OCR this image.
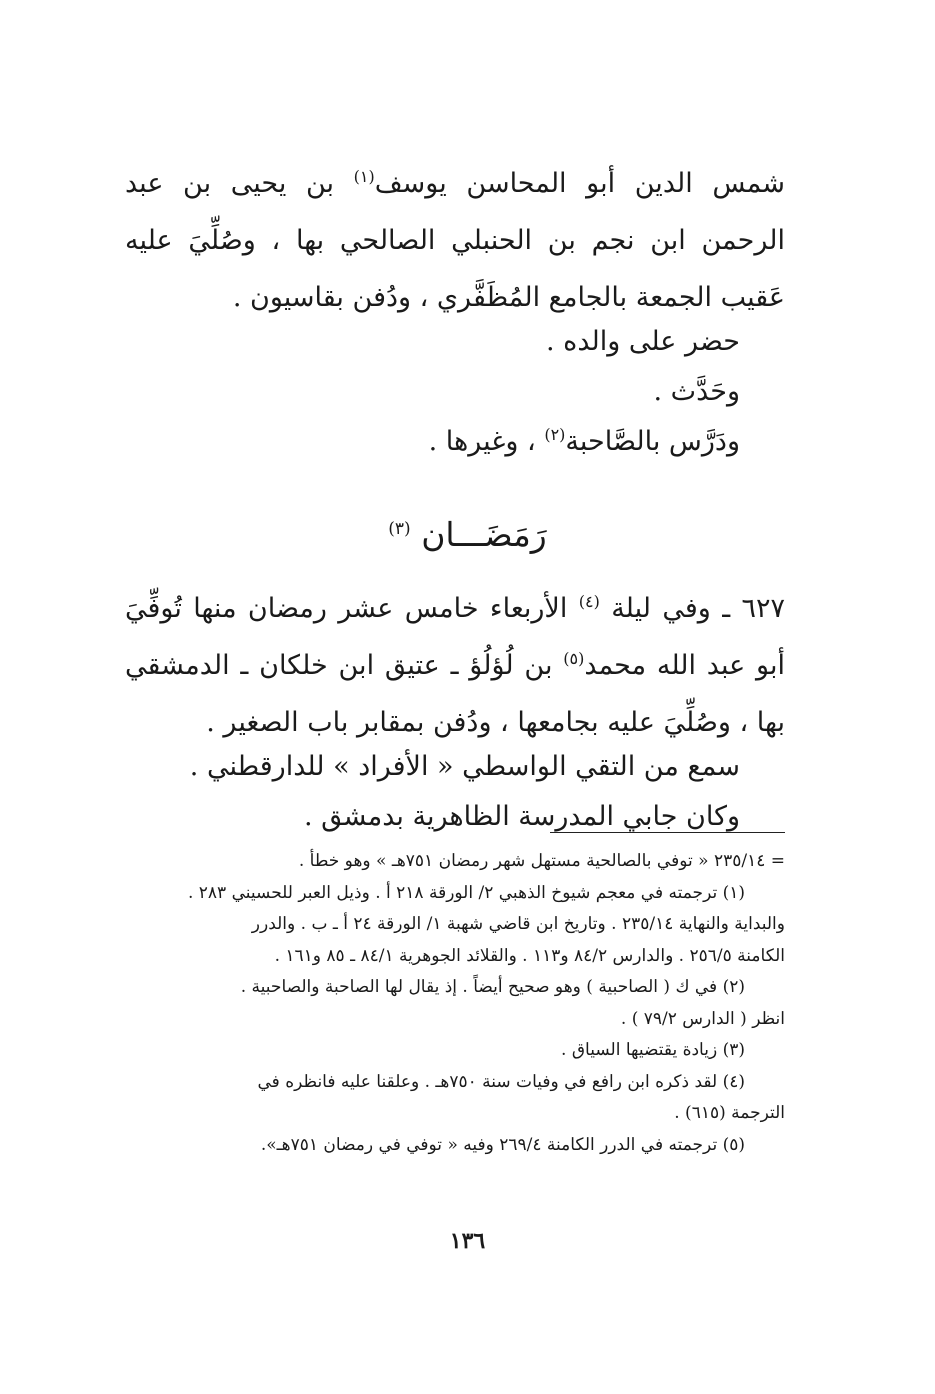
شمس الدين أبو المحاسن يوسف$^{(١)}$ بن يحيى بن عبد الرحمن ابن نجم بن الحنبلي الصالحي بها ، وصُلِّيَ عليه عَقيب الجمعة بالجامع المُظَفَّري ، ودُفن بقاسيون .

حضر على والده .

وحَدَّث .

ودَرَّس بالصَّاحبة$^{(٢)}$ ، وغيرها .

رَمَضَـــان $^{(٣)}$

٦٢٧ ـ وفي ليلة $^{(٤)}$ الأربعاء خامس عشر رمضان منها تُوفِّيَ أبو عبد الله محمد$^{(٥)}$ بن لُؤلُؤ ـ عتيق ابن خلكان ـ الدمشقي بها ، وصُلِّيَ عليه بجامعها ، ودُفن بمقابر باب الصغير .

سمع من التقي الواسطي « الأفراد » للدارقطني .

وكان جابي المدرسة الظاهرية بدمشق .

= ٢٣٥/١٤ « توفي بالصالحية مستهل شهر رمضان ٧٥١هـ » وهو خطأ .

(١) ترجمته في معجم شيوخ الذهبي ٢/ الورقة ٢١٨ أ . وذيل العبر للحسيني ٢٨٣ .

والبداية والنهاية ٢٣٥/١٤ . وتاريخ ابن قاضي شهبة ١/ الورقة ٢٤ أ ـ ب . والدرر

الكامنة ٢٥٦/٥ . والدارس ٨٤/٢ و١١٣ . والقلائد الجوهرية ٨٤/١ ـ ٨٥ و١٦١ .

(٢) في ك ( الصاحبية ) وهو صحيح أيضاً . إذ يقال لها الصاحبة والصاحبية .

انظر ( الدارس ٧٩/٢ ) .

(٣) زيادة يقتضيها السياق .

(٤) لقد ذكره ابن رافع في وفيات سنة ٧٥٠هـ . وعلقنا عليه فانظره في

الترجمة (٦١٥) .

(٥) ترجمته في الدرر الكامنة ٢٦٩/٤ وفيه « توفي في رمضان ٧٥١هـ».

١٣٦
